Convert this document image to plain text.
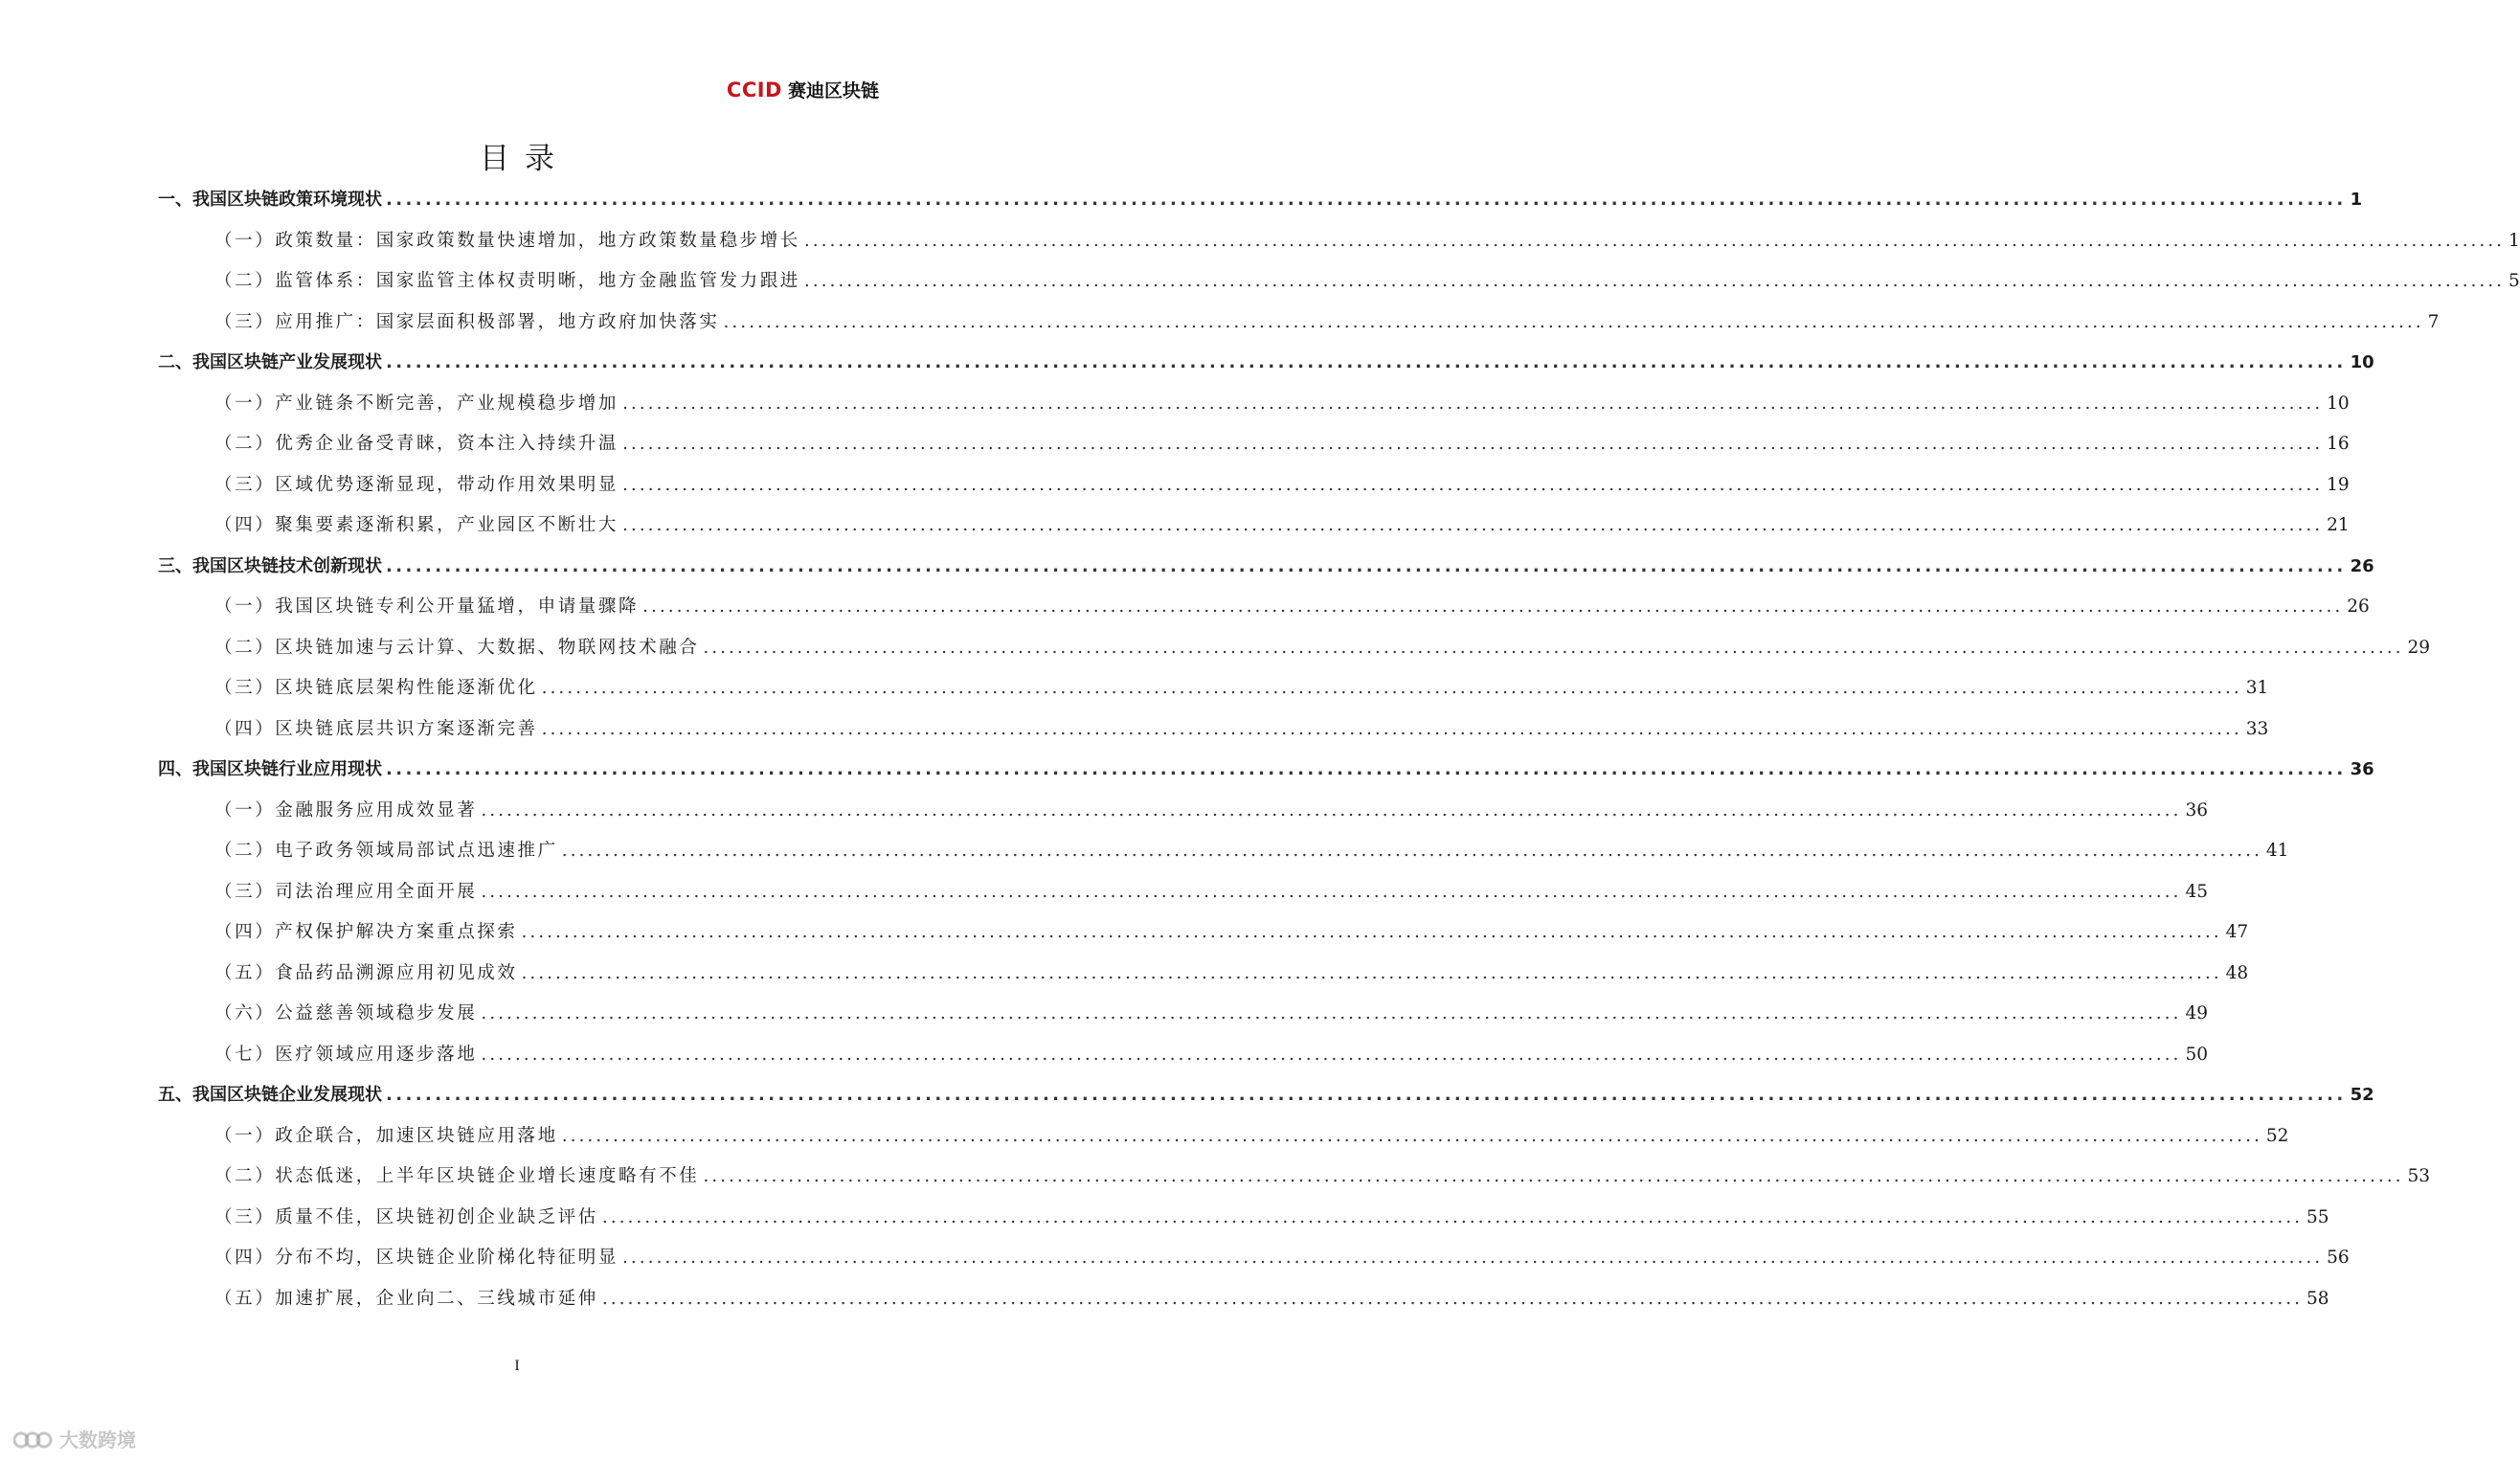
CCID 赛迪区块链
目录
一、我国区块链政策环境现状 ........................................................................................................................................................................................................ 1
（一）政策数量：国家政策数量快速增加，地方政策数量稳步增长 ........................................................................................................................................................................................................ 1
（二）监管体系：国家监管主体权责明晰，地方金融监管发力跟进 ........................................................................................................................................................................................................ 5
（三）应用推广：国家层面积极部署，地方政府加快落实 ........................................................................................................................................................................................................ 7
二、我国区块链产业发展现状 ........................................................................................................................................................................................................ 10
（一）产业链条不断完善，产业规模稳步增加 ........................................................................................................................................................................................................ 10
（二）优秀企业备受青睐，资本注入持续升温 ........................................................................................................................................................................................................ 16
（三）区域优势逐渐显现，带动作用效果明显 ........................................................................................................................................................................................................ 19
（四）聚集要素逐渐积累，产业园区不断壮大 ........................................................................................................................................................................................................ 21
三、我国区块链技术创新现状 ........................................................................................................................................................................................................ 26
（一）我国区块链专利公开量猛增，申请量骤降 ........................................................................................................................................................................................................ 26
（二）区块链加速与云计算、大数据、物联网技术融合 ........................................................................................................................................................................................................ 29
（三）区块链底层架构性能逐渐优化 ........................................................................................................................................................................................................ 31
（四）区块链底层共识方案逐渐完善 ........................................................................................................................................................................................................ 33
四、我国区块链行业应用现状 ........................................................................................................................................................................................................ 36
（一）金融服务应用成效显著 ........................................................................................................................................................................................................ 36
（二）电子政务领域局部试点迅速推广 ........................................................................................................................................................................................................ 41
（三）司法治理应用全面开展 ........................................................................................................................................................................................................ 45
（四）产权保护解决方案重点探索 ........................................................................................................................................................................................................ 47
（五）食品药品溯源应用初见成效 ........................................................................................................................................................................................................ 48
（六）公益慈善领域稳步发展 ........................................................................................................................................................................................................ 49
（七）医疗领域应用逐步落地 ........................................................................................................................................................................................................ 50
五、我国区块链企业发展现状 ........................................................................................................................................................................................................ 52
（一）政企联合，加速区块链应用落地 ........................................................................................................................................................................................................ 52
（二）状态低迷，上半年区块链企业增长速度略有不佳 ........................................................................................................................................................................................................ 53
（三）质量不佳，区块链初创企业缺乏评估 ........................................................................................................................................................................................................ 55
（四）分布不均，区块链企业阶梯化特征明显 ........................................................................................................................................................................................................ 56
（五）加速扩展，企业向二、三线城市延伸 ........................................................................................................................................................................................................ 58
I
大数跨境
